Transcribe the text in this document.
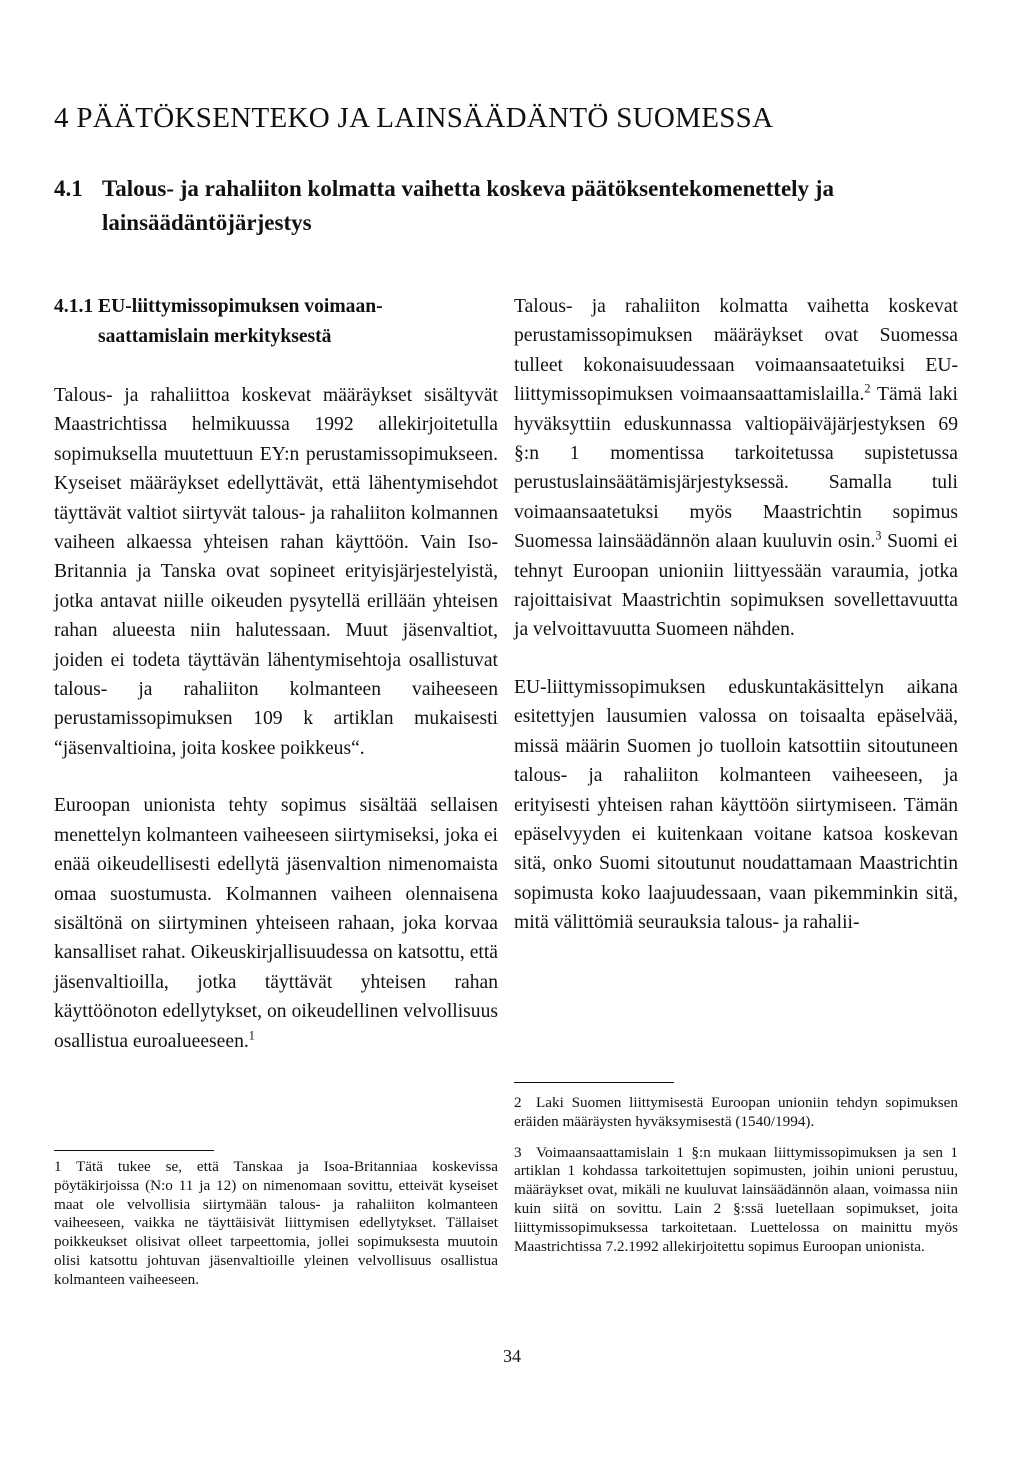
4 PÄÄTÖKSENTEKO JA LAINSÄÄDÄNTÖ SUOMESSA
4.1 Talous- ja rahaliiton kolmatta vaihetta koskeva päätöksentekomenettely ja
lainsäädäntöjärjestys
4.1.1 EU-liittymissopimuksen voimaan-
saattamislain merkityksestä

Talous- ja rahaliittoa koskevat määräykset sisältyvät Maastrichtissa helmikuussa 1992 allekirjoitetulla sopimuksella muutettuun EY:n perustamissopimukseen. Kyseiset määräykset edellyttävät, että lähentymisehdot täyttävät valtiot siirtyvät talous- ja rahaliiton kolmannen vaiheen alkaessa yhteisen rahan käyttöön. Vain Iso-Britannia ja Tanska ovat sopineet erityisjärjestelyistä, jotka antavat niille oikeuden pysytellä erillään yhteisen rahan alueesta niin halutessaan. Muut jäsenvaltiot, joiden ei todeta täyttävän lähentymisehtoja osallistuvat talous- ja rahaliiton kolmanteen vaiheeseen perustamissopimuksen 109 k artiklan mukaisesti “jäsenvaltioina, joita koskee poikkeus“.

Euroopan unionista tehty sopimus sisältää sellaisen menettelyn kolmanteen vaiheeseen siirtymiseksi, joka ei enää oikeudellisesti edellytä jäsenvaltion nimenomaista omaa suostumusta. Kolmannen vaiheen olennaisena sisältönä on siirtyminen yhteiseen rahaan, joka korvaa kansalliset rahat. Oikeuskirjallisuudessa on katsottu, että jäsenvaltioilla, jotka täyttävät yhteisen rahan käyttöönoton edellytykset, on oikeudellinen velvollisuus osallistua euroalueeseen.$^1$

1 Tätä tukee se, että Tanskaa ja Isoa-Britanniaa koskevissa pöytäkirjoissa (N:o 11 ja 12) on nimenomaan sovittu, etteivät kyseiset maat ole velvollisia siirtymään talous- ja rahaliiton kolmanteen vaiheeseen, vaikka ne täyttäisivät liittymisen edellytykset. Tällaiset poikkeukset olisivat olleet tarpeettomia, jollei sopimuksesta muutoin olisi katsottu johtuvan jäsenvaltioille yleinen velvollisuus osallistua kolmanteen vaiheeseen.

Talous- ja rahaliiton kolmatta vaihetta koskevat perustamissopimuksen määräykset ovat Suomessa tulleet kokonaisuudessaan voimaansaatetuiksi EU-liittymissopimuksen voimaansaattamislailla.$^2$ Tämä laki hyväksyttiin eduskunnassa valtiopäiväjärjestyksen 69 §:n 1 momentissa tarkoitetussa supistetussa perustuslainsäätämisjärjestyksessä. Samalla tuli voimaansaatetuksi myös Maastrichtin sopimus Suomessa lainsäädännön alaan kuuluvin osin.$^3$ Suomi ei tehnyt Euroopan unioniin liittyessään varaumia, jotka rajoittaisivat Maastrichtin sopimuksen sovellettavuutta ja velvoittavuutta Suomeen nähden.

EU-liittymissopimuksen eduskuntakäsittelyn aikana esitettyjen lausumien valossa on toisaalta epäselvää, missä määrin Suomen jo tuolloin katsottiin sitoutuneen talous- ja rahaliiton kolmanteen vaiheeseen, ja erityisesti yhteisen rahan käyttöön siirtymiseen. Tämän epäselvyyden ei kuitenkaan voitane katsoa koskevan sitä, onko Suomi sitoutunut noudattamaan Maastrichtin sopimusta koko laajuudessaan, vaan pikemminkin sitä, mitä välittömiä seurauksia talous- ja rahalii-

2 Laki Suomen liittymisestä Euroopan unioniin tehdyn sopimuksen eräiden määräysten hyväksymisestä (1540/1994).

3 Voimaansaattamislain 1 §:n mukaan liittymissopimuksen ja sen 1 artiklan 1 kohdassa tarkoitettujen sopimusten, joihin unioni perustuu, määräykset ovat, mikäli ne kuuluvat lainsäädännön alaan, voimassa niin kuin siitä on sovittu. Lain 2 §:ssä luetellaan sopimukset, joita liittymissopimuksessa tarkoitetaan. Luettelossa on mainittu myös Maastrichtissa 7.2.1992 allekirjoitettu sopimus Euroopan unionista.

34
